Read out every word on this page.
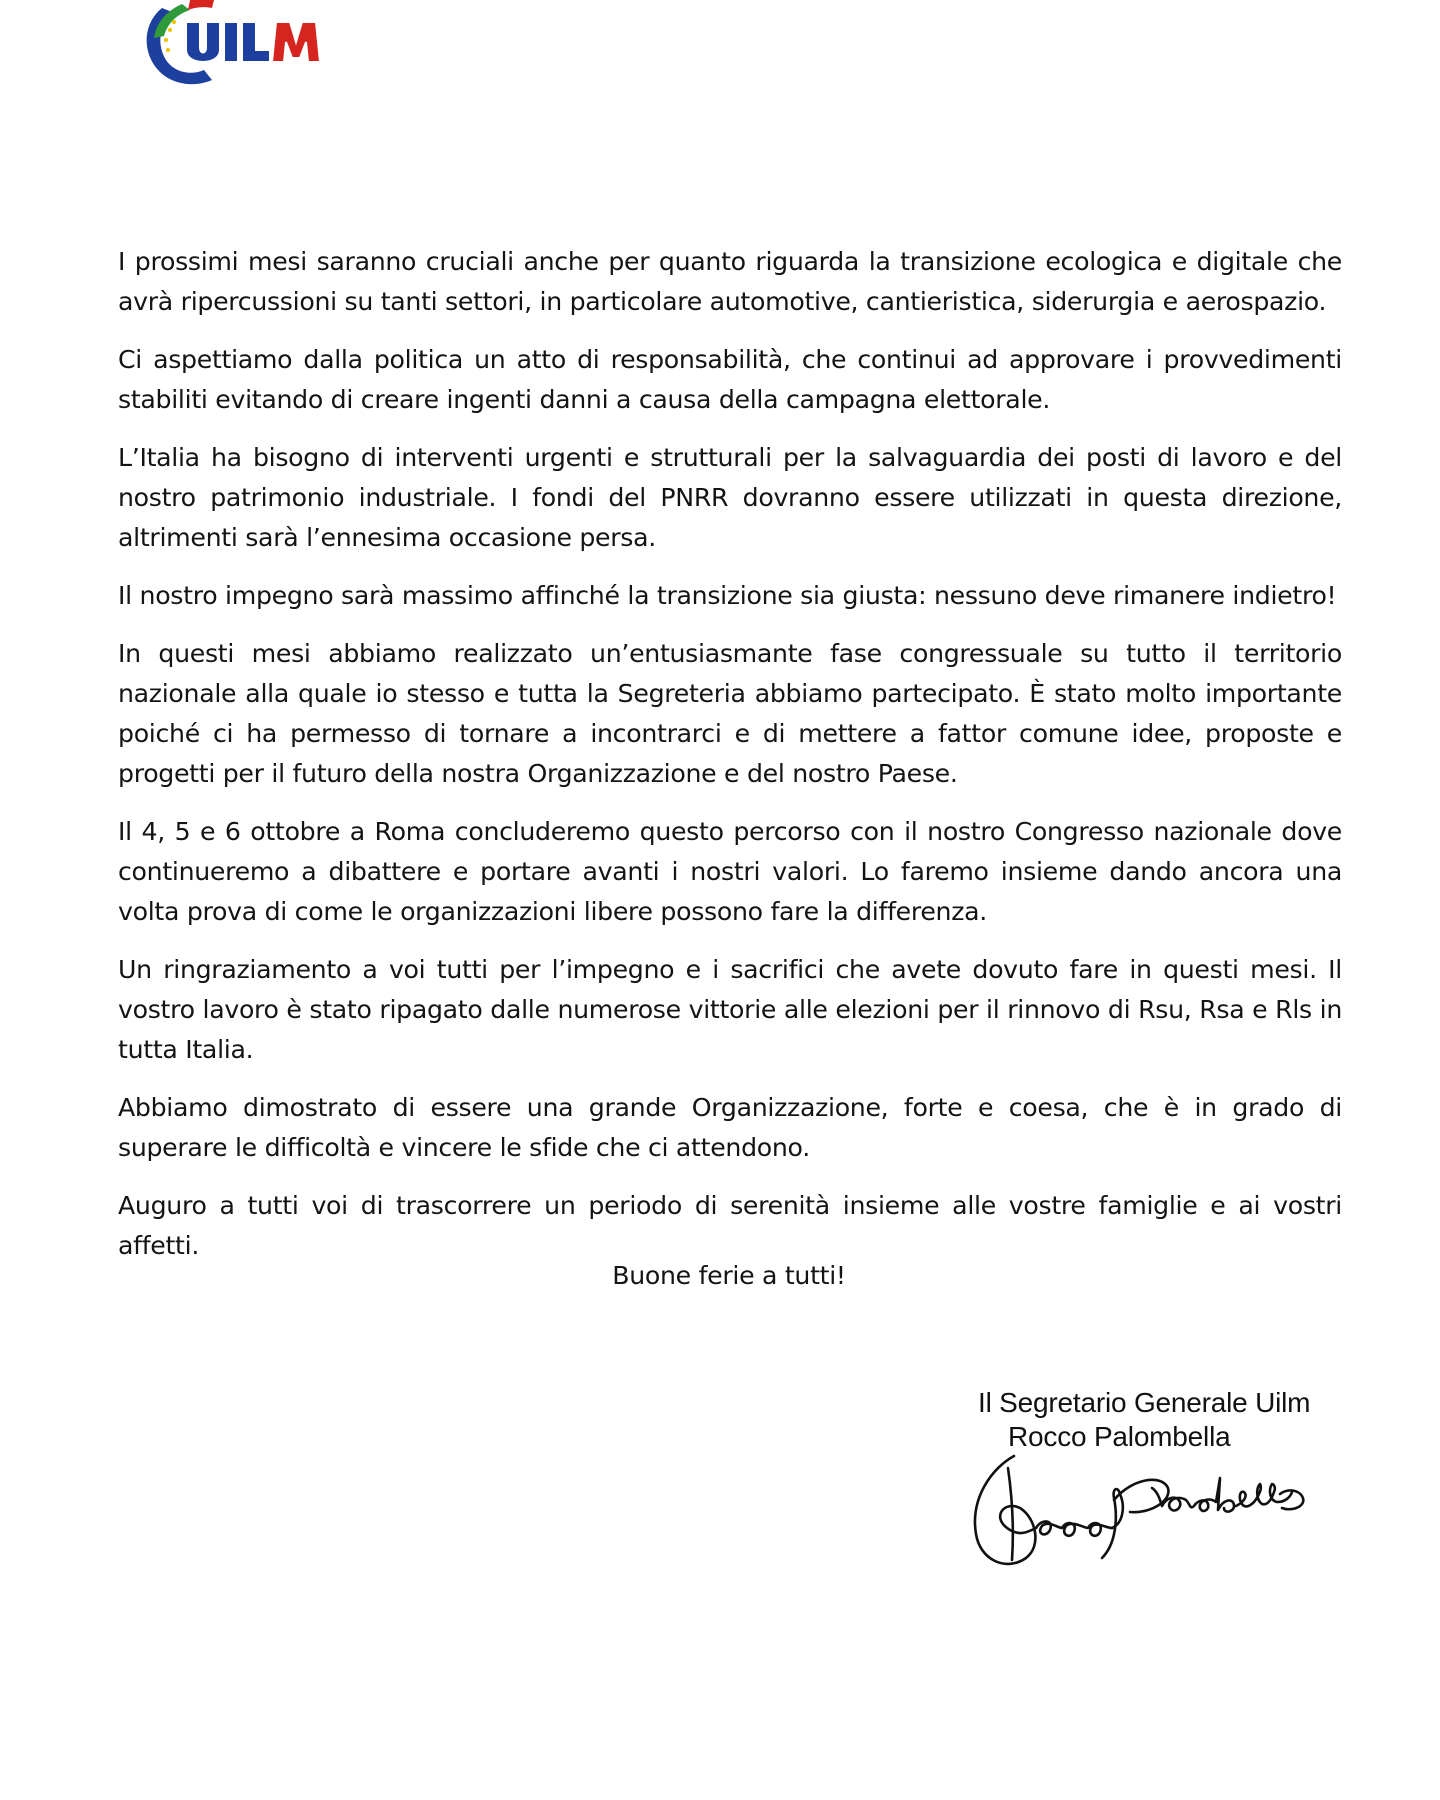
I prossimi mesi saranno cruciali anche per quanto riguarda la transizione ecologica e digitale che avrà ripercussioni su tanti settori, in particolare automotive, cantieristica, siderurgia e aerospazio.

Ci aspettiamo dalla politica un atto di responsabilità, che continui ad approvare i provvedimenti stabiliti evitando di creare ingenti danni a causa della campagna elettorale.

L’Italia ha bisogno di interventi urgenti e strutturali per la salvaguardia dei posti di lavoro e del nostro patrimonio industriale. I fondi del PNRR dovranno essere utilizzati in questa direzione, altrimenti sarà l’ennesima occasione persa.

Il nostro impegno sarà massimo affinché la transizione sia giusta: nessuno deve rimanere indietro!

In questi mesi abbiamo realizzato un’entusiasmante fase congressuale su tutto il territorio nazionale alla quale io stesso e tutta la Segreteria abbiamo partecipato. È stato molto importante poiché ci ha permesso di tornare a incontrarci e di mettere a fattor comune idee, proposte e progetti per il futuro della nostra Organizzazione e del nostro Paese.

Il 4, 5 e 6 ottobre a Roma concluderemo questo percorso con il nostro Congresso nazionale dove continueremo a dibattere e portare avanti i nostri valori. Lo faremo insieme dando ancora una volta prova di come le organizzazioni libere possono fare la differenza.

Un ringraziamento a voi tutti per l’impegno e i sacrifici che avete dovuto fare in questi mesi. Il vostro lavoro è stato ripagato dalle numerose vittorie alle elezioni per il rinnovo di Rsu, Rsa e Rls in tutta Italia.

Abbiamo dimostrato di essere una grande Organizzazione, forte e coesa, che è in grado di superare le difficoltà e vincere le sfide che ci attendono.

Auguro a tutti voi di trascorrere un periodo di serenità insieme alle vostre famiglie e ai vostri affetti.

Buone ferie a tutti!
Il Segretario Generale Uilm
Rocco Palombella
